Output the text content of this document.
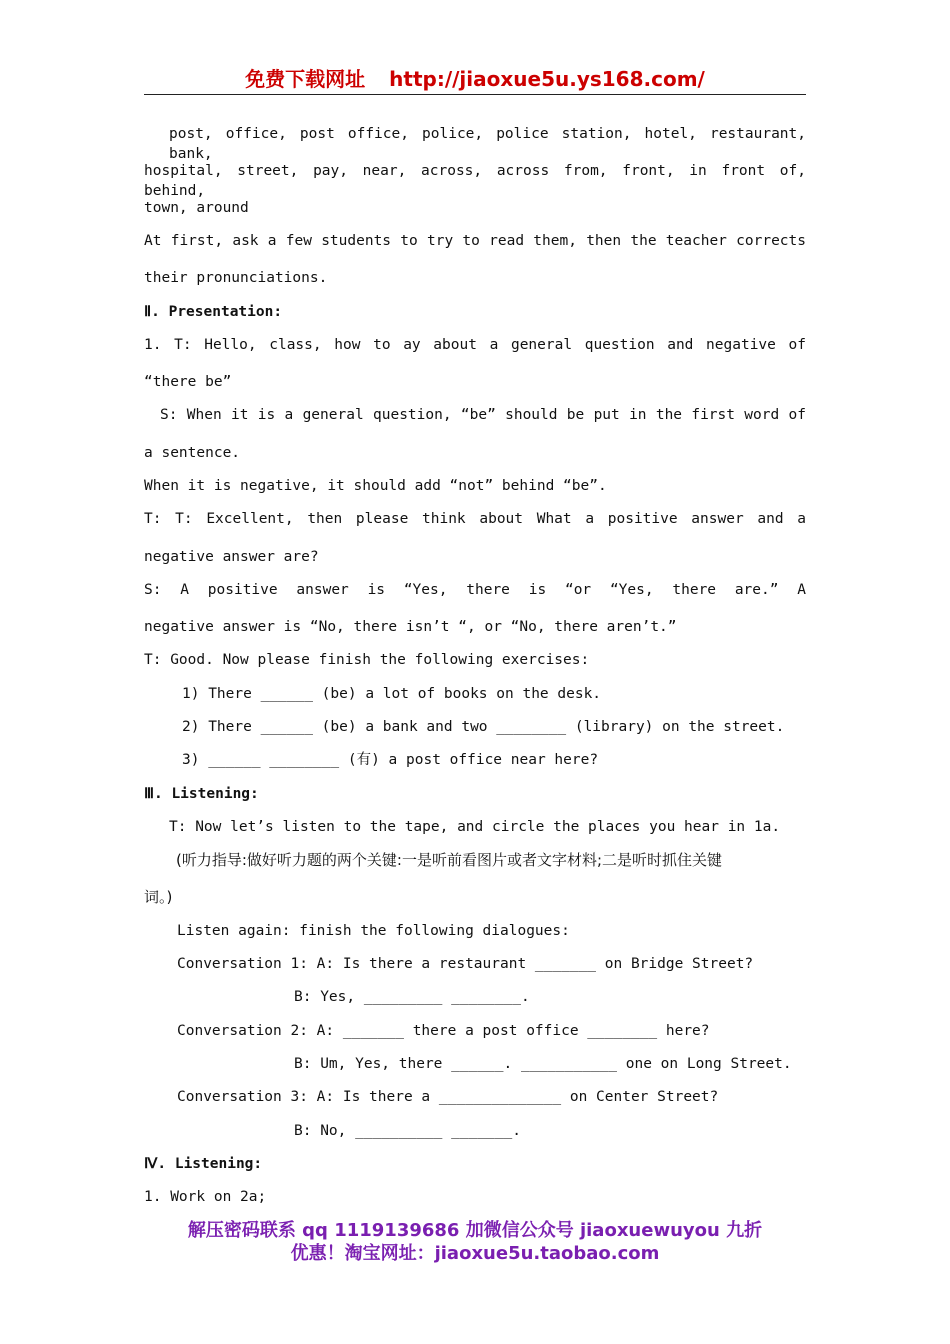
免费下载网址 http://jiaoxue5u.ys168.com/
post, office, post office, police, police station, hotel, restaurant, bank,
hospital, street, pay, near, across, across from, front, in front of, behind,
town, around
At first, ask a few students to try to read them, then the teacher corrects
their pronunciations.
Ⅱ. Presentation:
1. T: Hello, class, how to ay about a general question and negative of
“there be”
S: When it is a general question, “be” should be put in the first word of
a sentence.
When it is negative, it should add “not” behind “be”.
T: T: Excellent, then please think about What a positive answer and a
negative answer are?
S: A positive answer is “Yes, there is “or “Yes, there are.” A
negative answer is “No, there isn’t “, or “No, there aren’t.”
T: Good. Now please finish the following exercises:
1) There ______ (be) a lot of books on the desk.
2) There ______ (be) a bank and two ________ (library) on the street.
3) ______ ________ (有) a post office near here?
Ⅲ. Listening:
T: Now let’s listen to the tape, and circle the places you hear in 1a.
(听力指导:做好听力题的两个关键:一是听前看图片或者文字材料;二是听时抓住关键
词。)
Listen again: finish the following dialogues:
Conversation 1: A: Is there a restaurant _______ on Bridge Street?
B: Yes, _________ ________.
Conversation 2: A: _______ there a post office ________ here?
B: Um, Yes, there ______. ___________ one on Long Street.
Conversation 3: A: Is there a ______________ on Center Street?
B: No, __________ _______.
Ⅳ. Listening:
1. Work on 2a;
解压密码联系 qq 1119139686 加微信公众号 jiaoxuewuyou 九折
优惠！淘宝网址：jiaoxue5u.taobao.com
